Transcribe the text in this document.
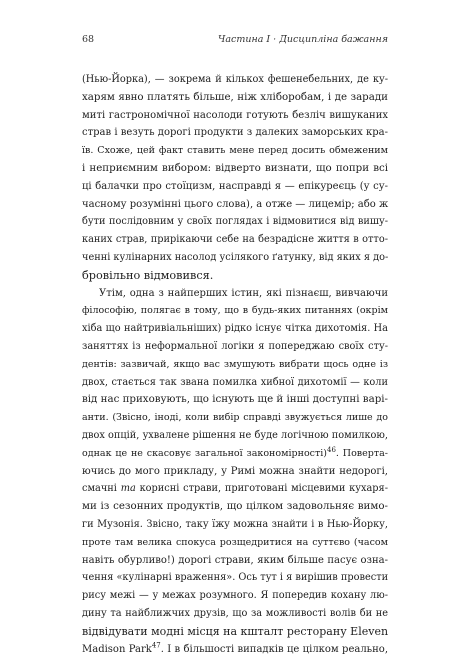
68	Частина I · Дисципліна бажання
(Нью-Йорка), — зокрема й кількох фешенебельних, де ку-
харям явно платять більше, ніж хліборобам, і де заради
миті гастрономічної насолоди готують безліч вишуканих
страв і везуть дорогі продукти з далеких заморських кра-
їв. Схоже, цей факт ставить мене перед досить обмеженим
і неприємним вибором: відверто визнати, що попри всі
ці балачки про стоїцизм, насправді я — епікуреєць (у су-
часному розумінні цього слова), а отже — лицемір; або ж
бути послідовним у своїх поглядах і відмовитися від вишу-
каних страв, прирікаючи себе на безрадісне життя в отто-
ченні кулінарних насолод усілякого ґатунку, від яких я до-
бровільно відмовився.
Утім, одна з найперших істин, які пізнаєш, вивчаючи
філософію, полягає в тому, що в будь-яких питаннях (окрім
хіба що найтривіальніших) рідко існує чітка дихотомія. На
заняттях із неформальної логіки я попереджаю своїх сту-
дентів: зазвичай, якщо вас змушують вибрати щось одне із
двох, стається так звана помилка хибної дихотомії — коли
від нас приховують, що існують ще й інші доступні варі-
анти. (Звісно, іноді, коли вибір справді звужується лише до
двох опцій, ухвалене рішення не буде логічною помилкою,
однак це не скасовує загальної закономірності)$^{46}$. Поверта-
ючись до мого прикладу, у Римі можна знайти недорогі,
смачні та корисні страви, приготовані місцевими кухаря-
ми із сезонних продуктів, що цілком задовольняє вимо-
ги Музонія. Звісно, таку їжу можна знайти і в Нью-Йорку,
проте там велика спокуса розщедритися на суттєво (часом
навіть обурливо!) дорогі страви, яким більше пасує озна-
чення «кулінарні враження». Ось тут і я вирішив провести
рису межі — у межах розумного. Я попередив кохану лю-
дину та найближчих друзів, що за можливості волів би не
відвідувати модні місця на кшталт ресторану Eleven
Madison Park$^{47}$. І в більшості випадків це цілком реально,
